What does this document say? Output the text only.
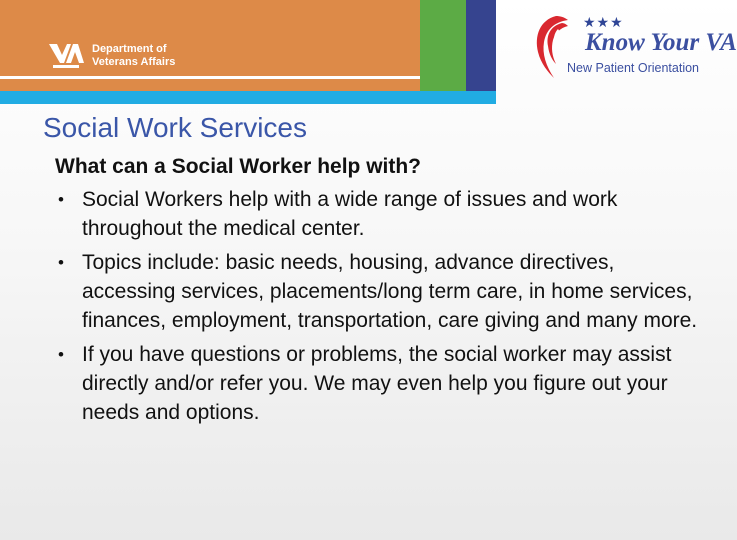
Department of
Veterans Affairs
★★★
Know Your VA
New Patient Orientation
Social Work Services

What can a Social Worker help with?

• Social Workers help with a wide range of issues and work throughout the medical center.
• Topics include: basic needs, housing, advance directives, accessing services, placements/long term care, in home services, finances, employment, transportation, care giving and many more.
• If you have questions or problems, the social worker may assist directly and/or refer you. We may even help you figure out your needs and options.
